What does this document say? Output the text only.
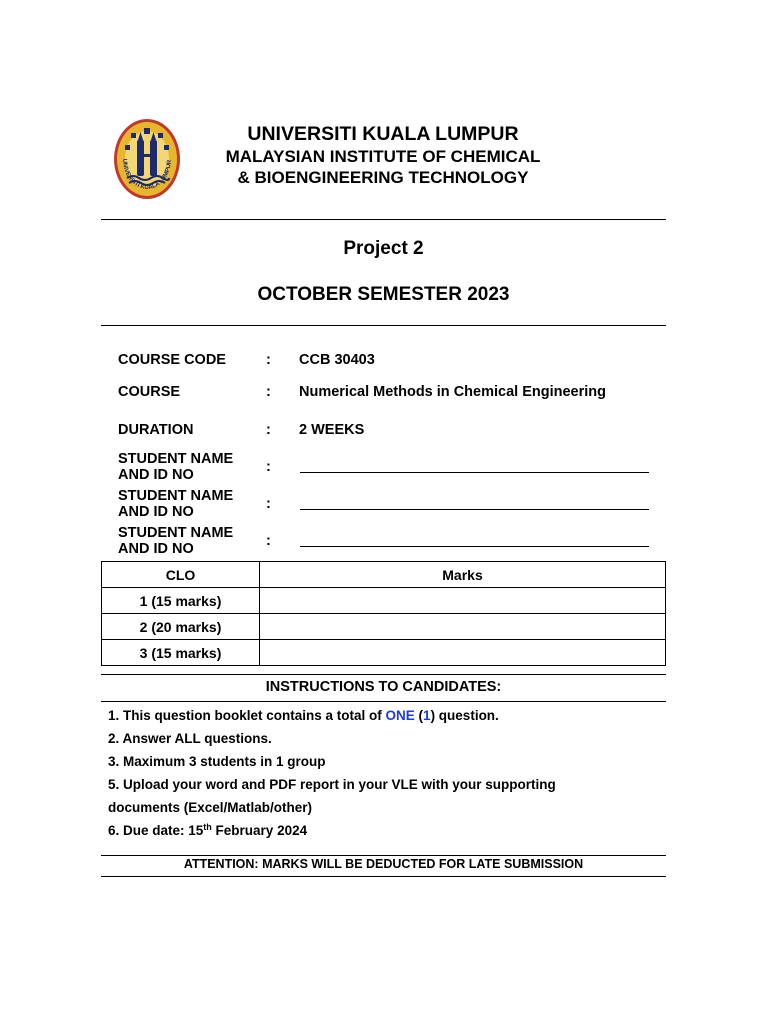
UNIVERSITI KUALA LUMPUR
UNIVERSITI KUALA LUMPUR
MALAYSIAN INSTITUTE OF CHEMICAL
& BIOENGINEERING TECHNOLOGY
Project 2
OCTOBER SEMESTER 2023
COURSE CODE	: CCB 30403
COURSE	: Numerical Methods in Chemical Engineering
DURATION	: 2 WEEKS
STUDENT NAME
AND ID NO	:
STUDENT NAME
AND ID NO	:
STUDENT NAME
AND ID NO	:
CLO	Marks
1 (15 marks)	
2 (20 marks)	
3 (15 marks)	
INSTRUCTIONS TO CANDIDATES:
1. This question booklet contains a total of ONE (1) question.
2. Answer ALL questions.
3. Maximum 3 students in 1 group
5. Upload your word and PDF report in your VLE with your supporting
documents (Excel/Matlab/other)
6. Due date: 15th February 2024
ATTENTION: MARKS WILL BE DEDUCTED FOR LATE SUBMISSION
